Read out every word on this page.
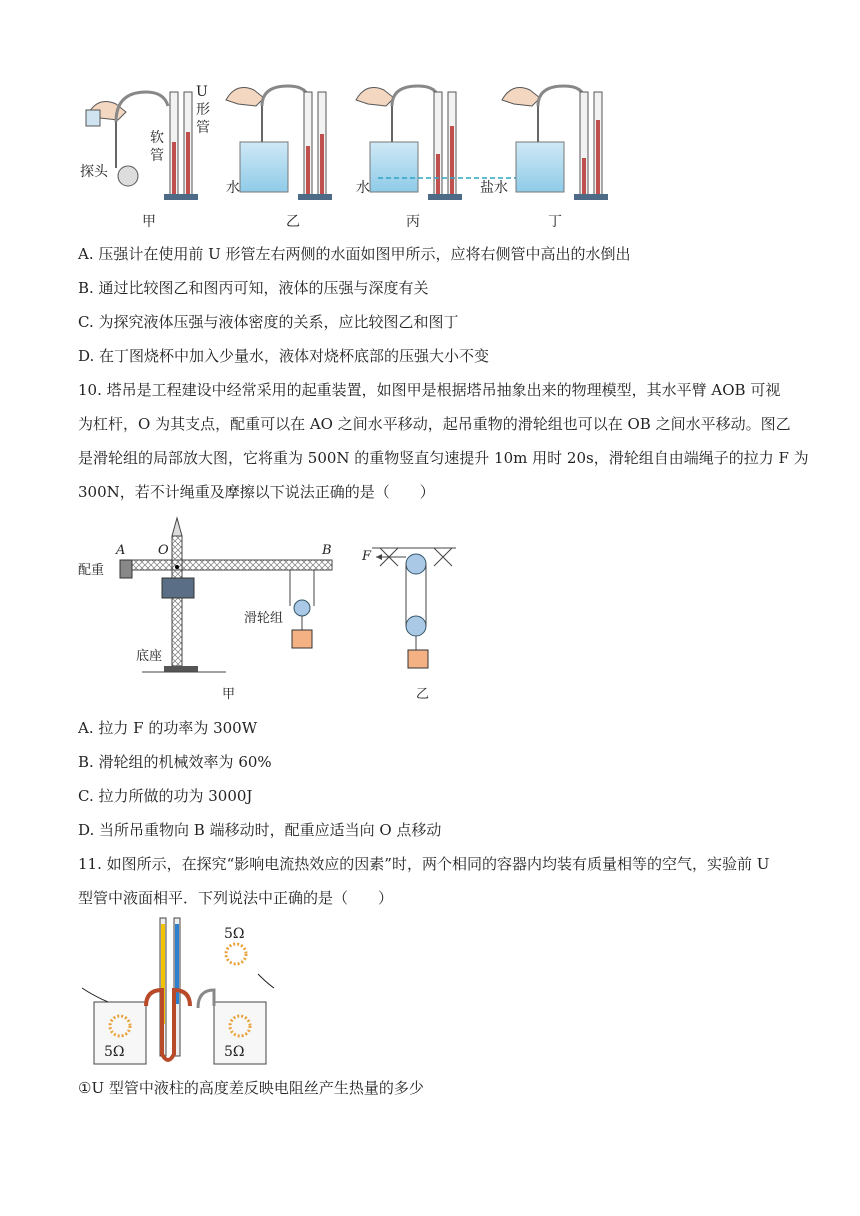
U
形
管
软
管
探头
甲
水
乙
水
丙
盐水
丁
A. 压强计在使用前 U 形管左右两侧的水面如图甲所示，应将右侧管中高出的水倒出
B. 通过比较图乙和图丙可知，液体的压强与深度有关
C. 为探究液体压强与液体密度的关系，应比较图乙和图丁
D. 在丁图烧杯中加入少量水，液体对烧杯底部的压强大小不变
10. 塔吊是工程建设中经常采用的起重装置，如图甲是根据塔吊抽象出来的物理模型，其水平臂 AOB 可视
为杠杆，O 为其支点，配重可以在 AO 之间水平移动，起吊重物的滑轮组也可以在 OB 之间水平移动。图乙
是滑轮组的局部放大图，它将重为 500N 的重物竖直匀速提升 10m 用时 20s，滑轮组自由端绳子的拉力 F 为
300N，若不计绳重及摩擦以下说法正确的是（　　）
A	O	B
配重
滑轮组
底座
甲
F
乙
A. 拉力 F 的功率为 300W
B. 滑轮组的机械效率为 60%
C. 拉力所做的功为 3000J
D. 当所吊重物向 B 端移动时，配重应适当向 O 点移动
11. 如图所示，在探究“影响电流热效应的因素”时，两个相同的容器内均装有质量相等的空气，实验前 U
型管中液面相平．下列说法中正确的是（　　）
5Ω
5Ω	5Ω
①U 型管中液柱的高度差反映电阻丝产生热量的多少
